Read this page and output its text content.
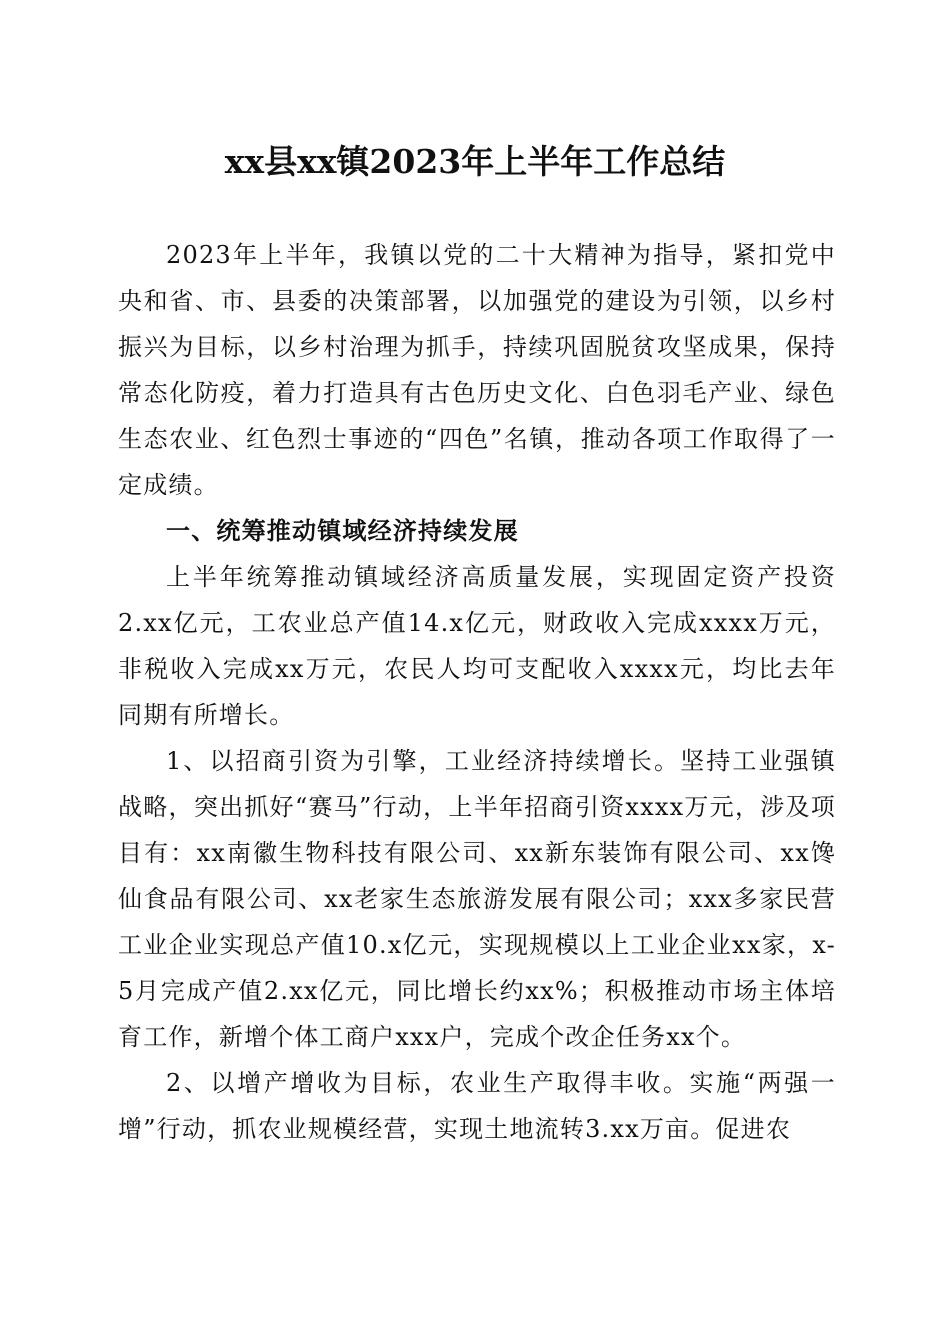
xx县xx镇2023年上半年工作总结

2023年上半年，我镇以党的二十大精神为指导，紧扣党中央和省、市、县委的决策部署，以加强党的建设为引领，以乡村振兴为目标，以乡村治理为抓手，持续巩固脱贫攻坚成果，保持常态化防疫，着力打造具有古色历史文化、白色羽毛产业、绿色生态农业、红色烈士事迹的“四色”名镇，推动各项工作取得了一定成绩。

一、统筹推动镇域经济持续发展

上半年统筹推动镇域经济高质量发展，实现固定资产投资2.xx亿元，工农业总产值14.x亿元，财政收入完成xxxx万元，非税收入完成xx万元，农民人均可支配收入xxxx元，均比去年同期有所增长。

1、以招商引资为引擎，工业经济持续增长。坚持工业强镇战略，突出抓好“赛马”行动，上半年招商引资xxxx万元，涉及项目有：xx南徽生物科技有限公司、xx新东装饰有限公司、xx馋仙食品有限公司、xx老家生态旅游发展有限公司；xxx多家民营工业企业实现总产值10.x亿元，实现规模以上工业企业xx家，x-5月完成产值2.xx亿元，同比增长约xx%；积极推动市场主体培育工作，新增个体工商户xxx户，完成个改企任务xx个。

2、以增产增收为目标，农业生产取得丰收。实施“两强一增”行动，抓农业规模经营，实现土地流转3.xx万亩。促进农
